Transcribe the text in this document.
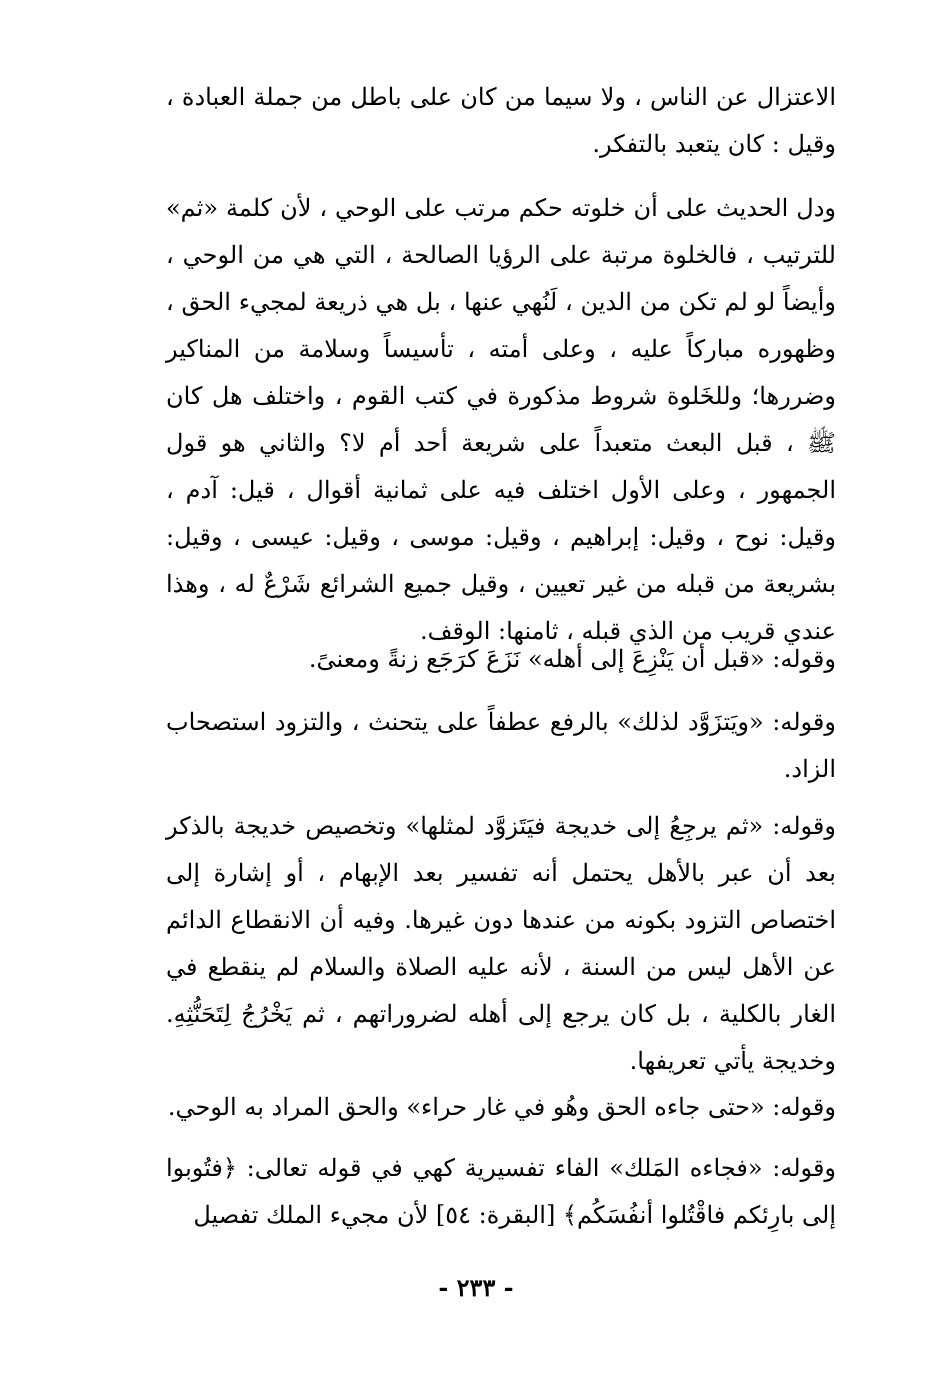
الاعتزال عن الناس ، ولا سيما من كان على باطل من جملة العبادة ، وقيل : كان يتعبد بالتفكر.

ودل الحديث على أن خلوته حكم مرتب على الوحي ، لأن كلمة «ثم» للترتيب ، فالخلوة مرتبة على الرؤيا الصالحة ، التي هي من الوحي ، وأيضاً لو لم تكن من الدين ، لَنُهي عنها ، بل هي ذريعة لمجيء الحق ، وظهوره مباركاً عليه ، وعلى أمته ، تأسيساً وسلامة من المناكير وضررها؛ وللخَلوة شروط مذكورة في كتب القوم ، واختلف هل كان ﷺ ، قبل البعث متعبداً على شريعة أحد أم لا؟ والثاني هو قول الجمهور ، وعلى الأول اختلف فيه على ثمانية أقوال ، قيل: آدم ، وقيل: نوح ، وقيل: إبراهيم ، وقيل: موسى ، وقيل: عيسى ، وقيل: بشريعة من قبله من غير تعيين ، وقيل جميع الشرائع شَرْعٌ له ، وهذا عندي قريب من الذي قبله ، ثامنها: الوقف.

وقوله: «قبل أن يَنْزِعَ إلى أهله» نَزَعَ كرَجَع زنةً ومعنىً.

وقوله: «ويَتزَوَّد لذلك» بالرفع عطفاً على يتحنث ، والتزود استصحاب الزاد.

وقوله: «ثم يرجِعُ إلى خديجة فيَتَزوَّد لمثلها» وتخصيص خديجة بالذكر بعد أن عبر بالأهل يحتمل أنه تفسير بعد الإبهام ، أو إشارة إلى اختصاص التزود بكونه من عندها دون غيرها. وفيه أن الانقطاع الدائم عن الأهل ليس من السنة ، لأنه عليه الصلاة والسلام لم ينقطع في الغار بالكلية ، بل كان يرجع إلى أهله لضروراتهم ، ثم يَخْرُجُ لِتَحَنُّثِهِ. وخديجة يأتي تعريفها.

وقوله: «حتى جاءه الحق وهُو في غار حراء» والحق المراد به الوحي.

وقوله: «فجاءه المَلك» الفاء تفسيرية كهي في قوله تعالى: ﴿فتُوبوا إلى بارِئكم فاقْتُلوا أنفُسَكُم﴾ [البقرة: ٥٤] لأن مجيء الملك تفصيل

- ٢٣٣ -
